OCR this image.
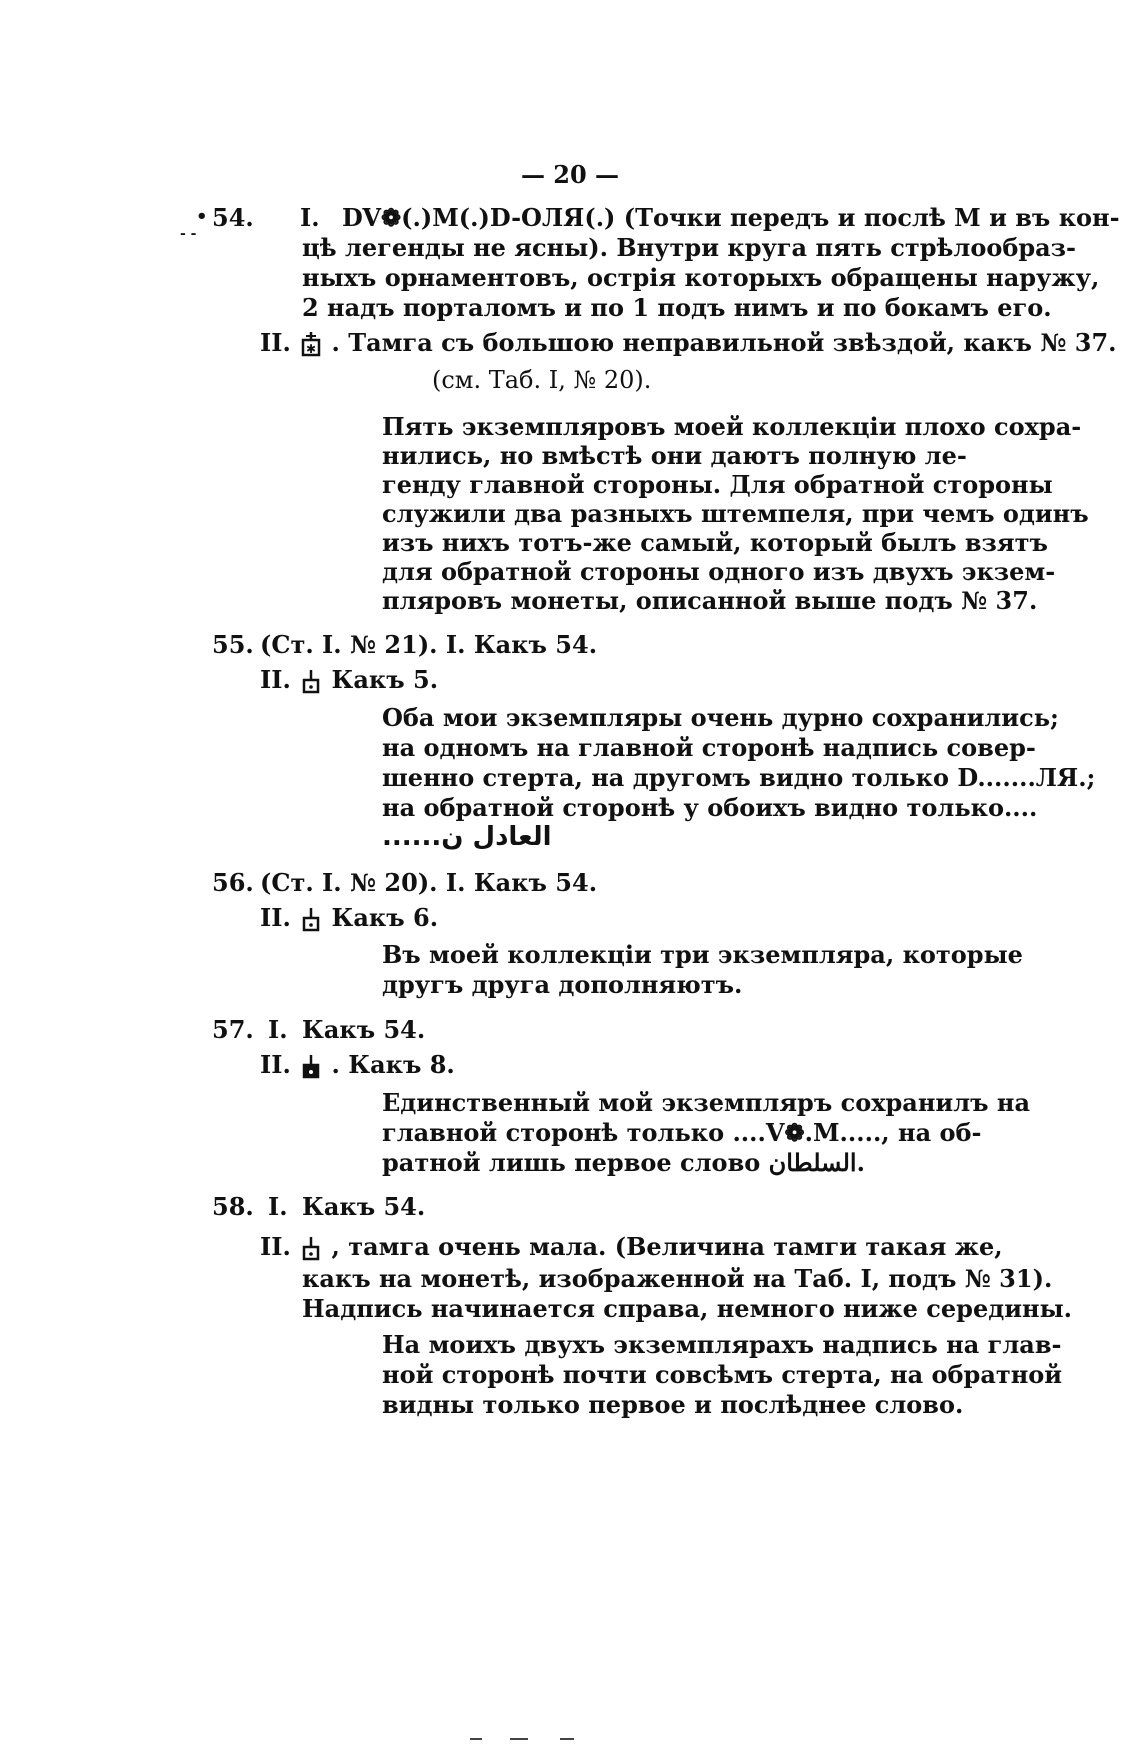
— 20 —
•
- -
54. I. DV❁(.)M(.)D-ОЛЯ(.) (Точки передъ и послѣ М и въ кон-
цѣ легенды не ясны). Внутри круга пять стрѣлообраз-
ныхъ орнаментовъ, острія которыхъ обращены наружу,
2 надъ порталомъ и по 1 подъ нимъ и по бокамъ его.
II. ✱ . Тамга съ большою неправильной звѣздой, какъ № 37.
(см. Таб. I, № 20).
Пять экземпляровъ моей коллекціи плохо сохра-
нились, но вмѣстѣ они даютъ полную ле-
генду главной стороны. Для обратной стороны
служили два разныхъ штемпеля, при чемъ одинъ
изъ нихъ тотъ-же самый, который былъ взятъ
для обратной стороны одного изъ двухъ экзем-
пляровъ монеты, описанной выше подъ № 37.
55. (Ст. I. № 21). I. Какъ 54.
II. Какъ 5.
Оба мои экземпляры очень дурно сохранились;
на одномъ на главной сторонѣ надпись совер-
шенно стерта, на другомъ видно только D.......ЛЯ.;
на обратной сторонѣ у обоихъ видно только....
العادل ن......
56. (Ст. I. № 20). I. Какъ 54.
II. Какъ 6.
Въ моей коллекціи три экземпляра, которые
другъ друга дополняютъ.
57. I. Какъ 54.
II. . Какъ 8.
Единственный мой экземпляръ сохранилъ на
главной сторонѣ только ....V❁.M....., на об-
ратной лишь первое слово السلطان.
58. I. Какъ 54.
II. , тамга очень мала. (Величина тамги такая же,
какъ на монетѣ, изображенной на Таб. I, подъ № 31).
Надпись начинается справа, немного ниже середины.
На моихъ двухъ экземплярахъ надпись на глав-
ной сторонѣ почти совсѣмъ стерта, на обратной
видны только первое и послѣднее слово.
